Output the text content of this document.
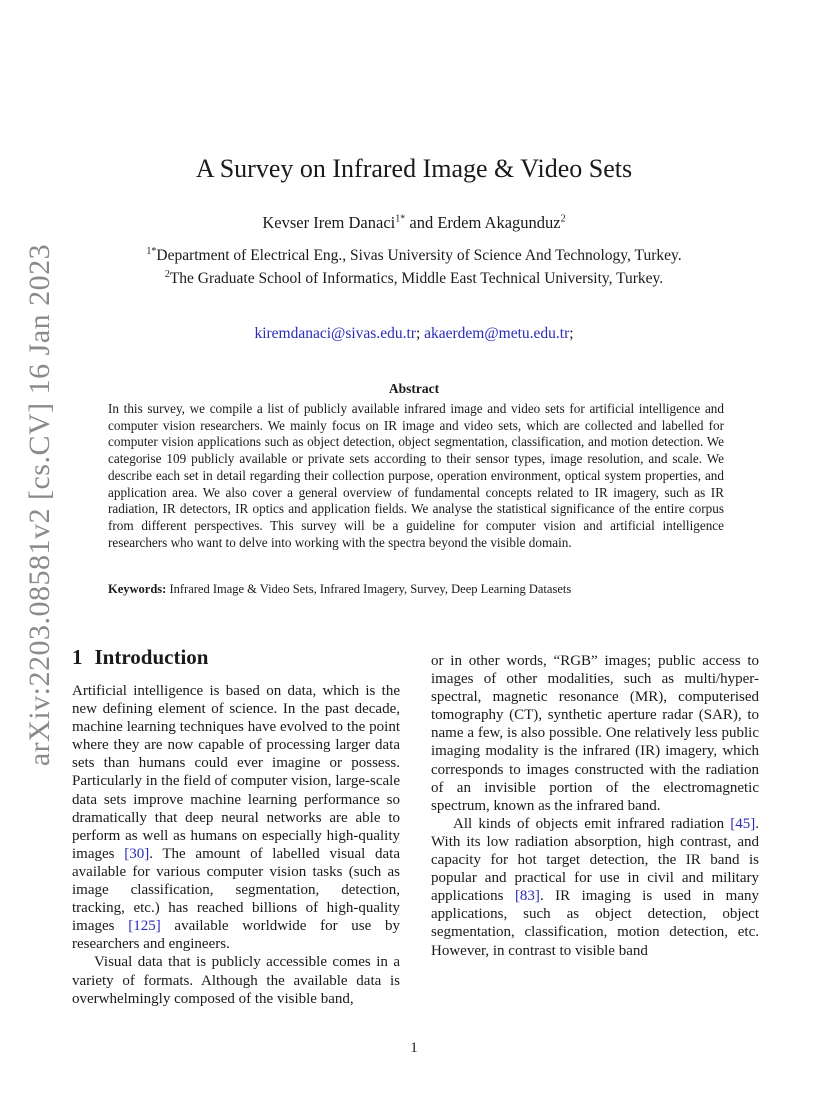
arXiv:2203.08581v2 [cs.CV] 16 Jan 2023
A Survey on Infrared Image & Video Sets
Kevser Irem Danaci$^{1*}$ and Erdem Akagunduz$^2$
$^{1*}$Department of Electrical Eng., Sivas University of Science And Technology, Turkey.
$^2$The Graduate School of Informatics, Middle East Technical University, Turkey.
kiremdanaci@sivas.edu.tr; akaerdem@metu.edu.tr;
Abstract
In this survey, we compile a list of publicly available infrared image and video sets for artificial intelligence and computer vision researchers. We mainly focus on IR image and video sets, which are collected and labelled for computer vision applications such as object detection, object segmentation, classification, and motion detection. We categorise 109 publicly available or private sets according to their sensor types, image resolution, and scale. We describe each set in detail regarding their collection purpose, operation environment, optical system properties, and application area. We also cover a general overview of fundamental concepts related to IR imagery, such as IR radiation, IR detectors, IR optics and application fields. We analyse the statistical significance of the entire corpus from different perspectives. This survey will be a guideline for computer vision and artificial intelligence researchers who want to delve into working with the spectra beyond the visible domain.
Keywords: Infrared Image & Video Sets, Infrared Imagery, Survey, Deep Learning Datasets
1 Introduction

Artificial intelligence is based on data, which is the new defining element of science. In the past decade, machine learning techniques have evolved to the point where they are now capable of processing larger data sets than humans could ever imagine or possess. Particularly in the field of computer vision, large-scale data sets improve machine learning performance so dramatically that deep neural networks are able to perform as well as humans on especially high-quality images [30]. The amount of labelled visual data available for various computer vision tasks (such as image classification, segmentation, detection, tracking, etc.) has reached billions of high-quality images [125] available worldwide for use by researchers and engineers.

Visual data that is publicly accessible comes in a variety of formats. Although the available data is overwhelmingly composed of the visible band,

or in other words, “RGB” images; public access to images of other modalities, such as multi/hyper-spectral, magnetic resonance (MR), computerised tomography (CT), synthetic aperture radar (SAR), to name a few, is also possible. One relatively less public imaging modality is the infrared (IR) imagery, which corresponds to images constructed with the radiation of an invisible portion of the electromagnetic spectrum, known as the infrared band.

All kinds of objects emit infrared radiation [45]. With its low radiation absorption, high contrast, and capacity for hot target detection, the IR band is popular and practical for use in civil and military applications [83]. IR imaging is used in many applications, such as object detection, object segmentation, classification, motion detection, etc. However, in contrast to visible band

1
